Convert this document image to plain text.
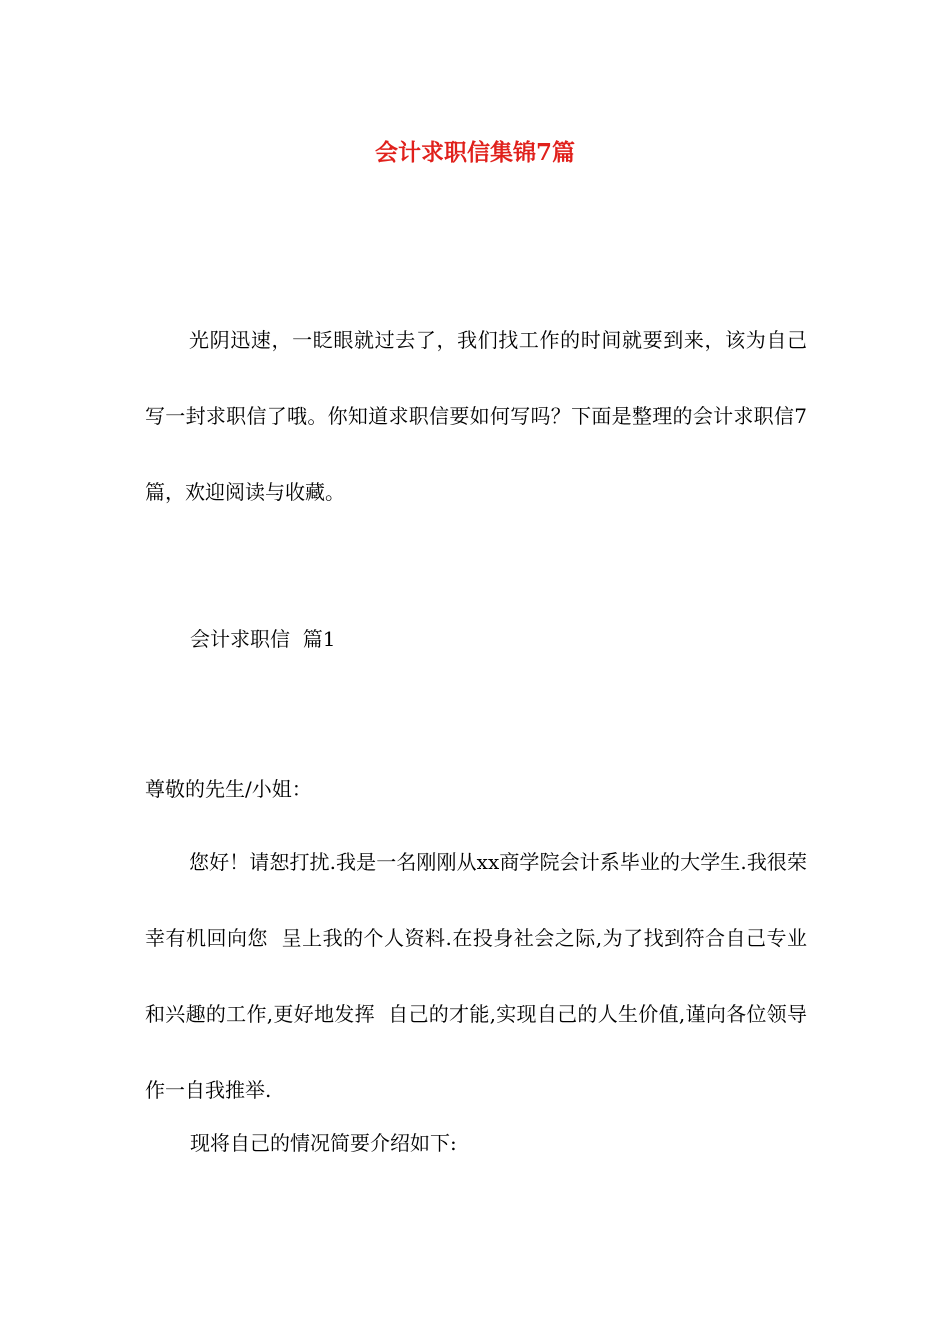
会计求职信集锦7篇

光阴迅速，一眨眼就过去了，我们找工作的时间就要到来，该为自己写一封求职信了哦。你知道求职信要如何写吗？下面是整理的会计求职信7篇，欢迎阅读与收藏。

会计求职信  篇1

尊敬的先生/小姐：

您好！请恕打扰.我是一名刚刚从xx商学院会计系毕业的大学生.我很荣幸有机回向您  呈上我的个人资料.在投身社会之际,为了找到符合自己专业和兴趣的工作,更好地发挥  自己的才能,实现自己的人生价值,谨向各位领导作一自我推举.

现将自己的情况简要介绍如下:
